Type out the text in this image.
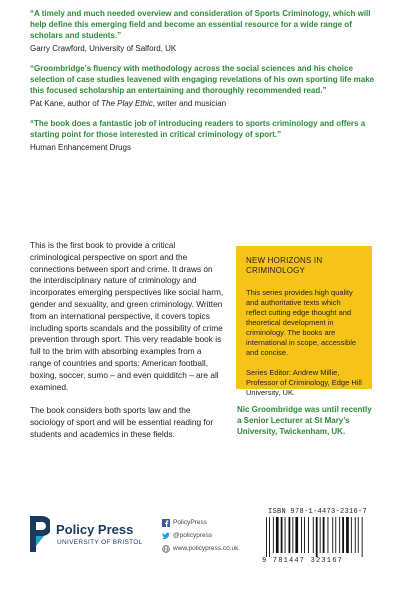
“A timely and much needed overview and consideration of Sports Criminology, which will help define this emerging field and become an essential resource for a wide range of scholars and students.”

Garry Crawford, University of Salford, UK

“Groombridge’s fluency with methodology across the social sciences and his choice selection of case studies leavened with engaging revelations of his own sporting life make this focused scholarship an entertaining and thoroughly recommended read.”

Pat Kane, author of The Play Ethic, writer and musician

“The book does a fantastic job of introducing readers to sports criminology and offers a starting point for those interested in critical criminology of sport.”

Human Enhancement Drugs

This is the first book to provide a critical criminological perspective on sport and the connections between sport and crime. It draws on the interdisciplinary nature of criminology and incorporates emerging perspectives like social harm, gender and sexuality, and green criminology. Written from an international perspective, it covers topics including sports scandals and the possibility of crime prevention through sport. This very readable book is full to the brim with absorbing examples from a range of countries and sports: American football, boxing, soccer, sumo – and even quidditch – are all examined.

The book considers both sports law and the sociology of sport and will be essential reading for students and academics in these fields.

NEW HORIZONS IN
CRIMINOLOGY

This series provides high quality and authoritative texts which reflect cutting edge thought and theoretical development in criminology. The books are international in scope, accessible and concise.

Series Editor: Andrew Millie, Professor of Criminology, Edge Hill University, UK.

Nic Groombridge was until recently a Senior Lecturer at St Mary’s University, Twickenham, UK.
ISBN 978-1-4473-2316-7
9 781447 323167
Policy Press
UNIVERSITY OF BRISTOL
PolicyPress
@policypress
www.policypress.co.uk
